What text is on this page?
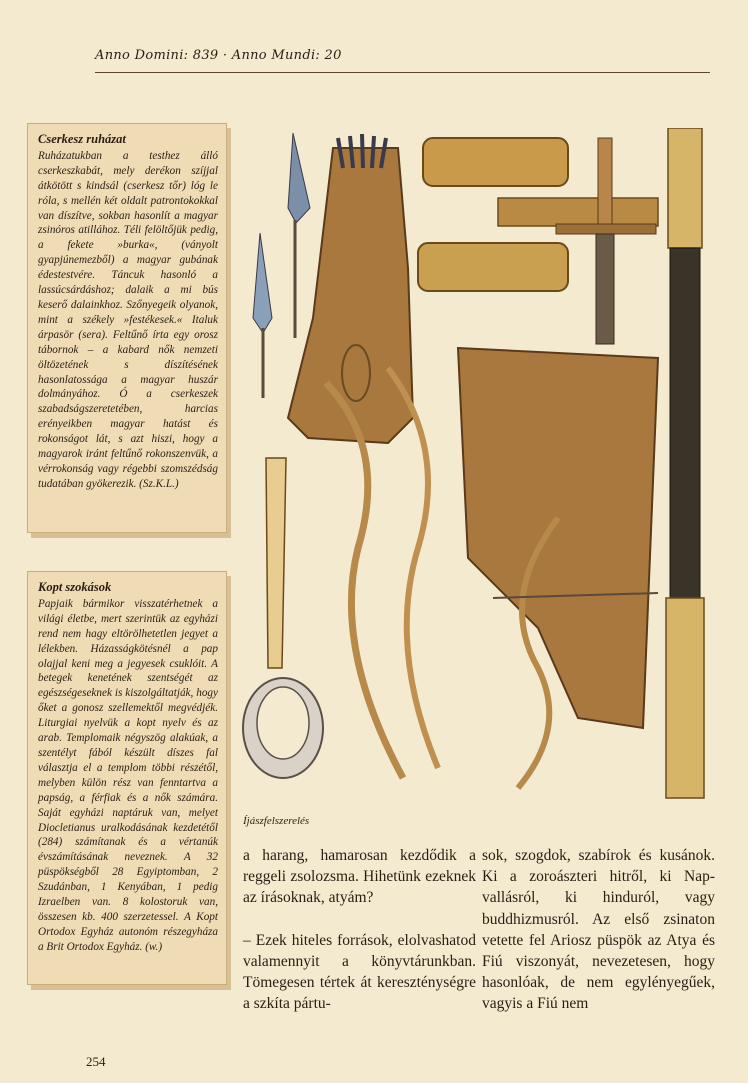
Anno Domini: 839 · Anno Mundi: 20
Cserkesz ruházat

Ruházatukban a testhez álló cserkeszkabát, mely derékon szíjjal átkötött s kindsál (cserkesz tőr) lóg le róla, s mellén két oldalt patrontokokkal van díszítve, sokban hasonlít a magyar zsinóros atillához. Téli felöltőjük pedig, a fekete »burka«, (ványolt gyapjúnemezből) a magyar gubának édestestvére. Táncuk hasonló a lassúcsárdáshoz; dalaik a mi bús keserő dalainkhoz. Szőnyegeik olyanok, mint a székely »festékesek.« Italuk árpasör (sera). Feltűnő írta egy orosz tábornok – a kabard nők nemzeti öltözetének s díszítésének hasonlatossága a magyar huszár dolmányához. Ó a cserkeszek szabadságszeretetében, harcias erényeikben magyar hatást és rokonságot lát, s azt hiszi, hogy a magyarok iránt feltűnő rokonszenvük, a vérrokonság vagy régebbi szomszédság tudatában gyökerezik. (Sz.K.L.)

Kopt szokások

Papjaik bármikor visszatérhetnek a világi életbe, mert szerintük az egyházi rend nem hagy eltörölhetetlen jegyet a lélekben. Házasságkötésnél a pap olajjal keni meg a jegyesek csuklóit. A betegek kenetének szentségét az egészségeseknek is kiszolgáltatják, hogy őket a gonosz szellemektől megvédjék. Liturgiai nyelvük a kopt nyelv és az arab. Templomaik négyszög alakúak, a szentélyt fából készült díszes fal választja el a templom többi részétől, melyben külön rész van fenntartva a papság, a férfiak és a nők számára. Saját egyházi naptáruk van, melyet Diocletianus uralkodásának kezdetétől (284) számítanak és a vértanúk évszámításának neveznek. A 32 püspökségből 28 Egyiptomban, 2 Szudánban, 1 Kenyában, 1 pedig Izraelben van. 8 kolostoruk van, összesen kb. 400 szerzetessel. A Kopt Ortodox Egyház autonóm részegyháza a Brit Ortodox Egyház. (w.)

Íjászfelszerelés

a harang, hamarosan kezdődik a reggeli zsolozsma. Hihetünk ezeknek az írásoknak, atyám?

– Ezek hiteles források, elolvashatod valamennyit a könyvtárunkban. Tömegesen tértek át kereszténységre a szkíta pártu-

sok, szogdok, szabírok és kusánok. Ki a zoroászteri hitről, ki Nap-vallásról, ki hinduról, vagy buddhizmusról. Az első zsinaton vetette fel Ariosz püspök az Atya és Fiú viszonyát, nevezetesen, hogy hasonlóak, de nem egylényegűek, vagyis a Fiú nem

254
